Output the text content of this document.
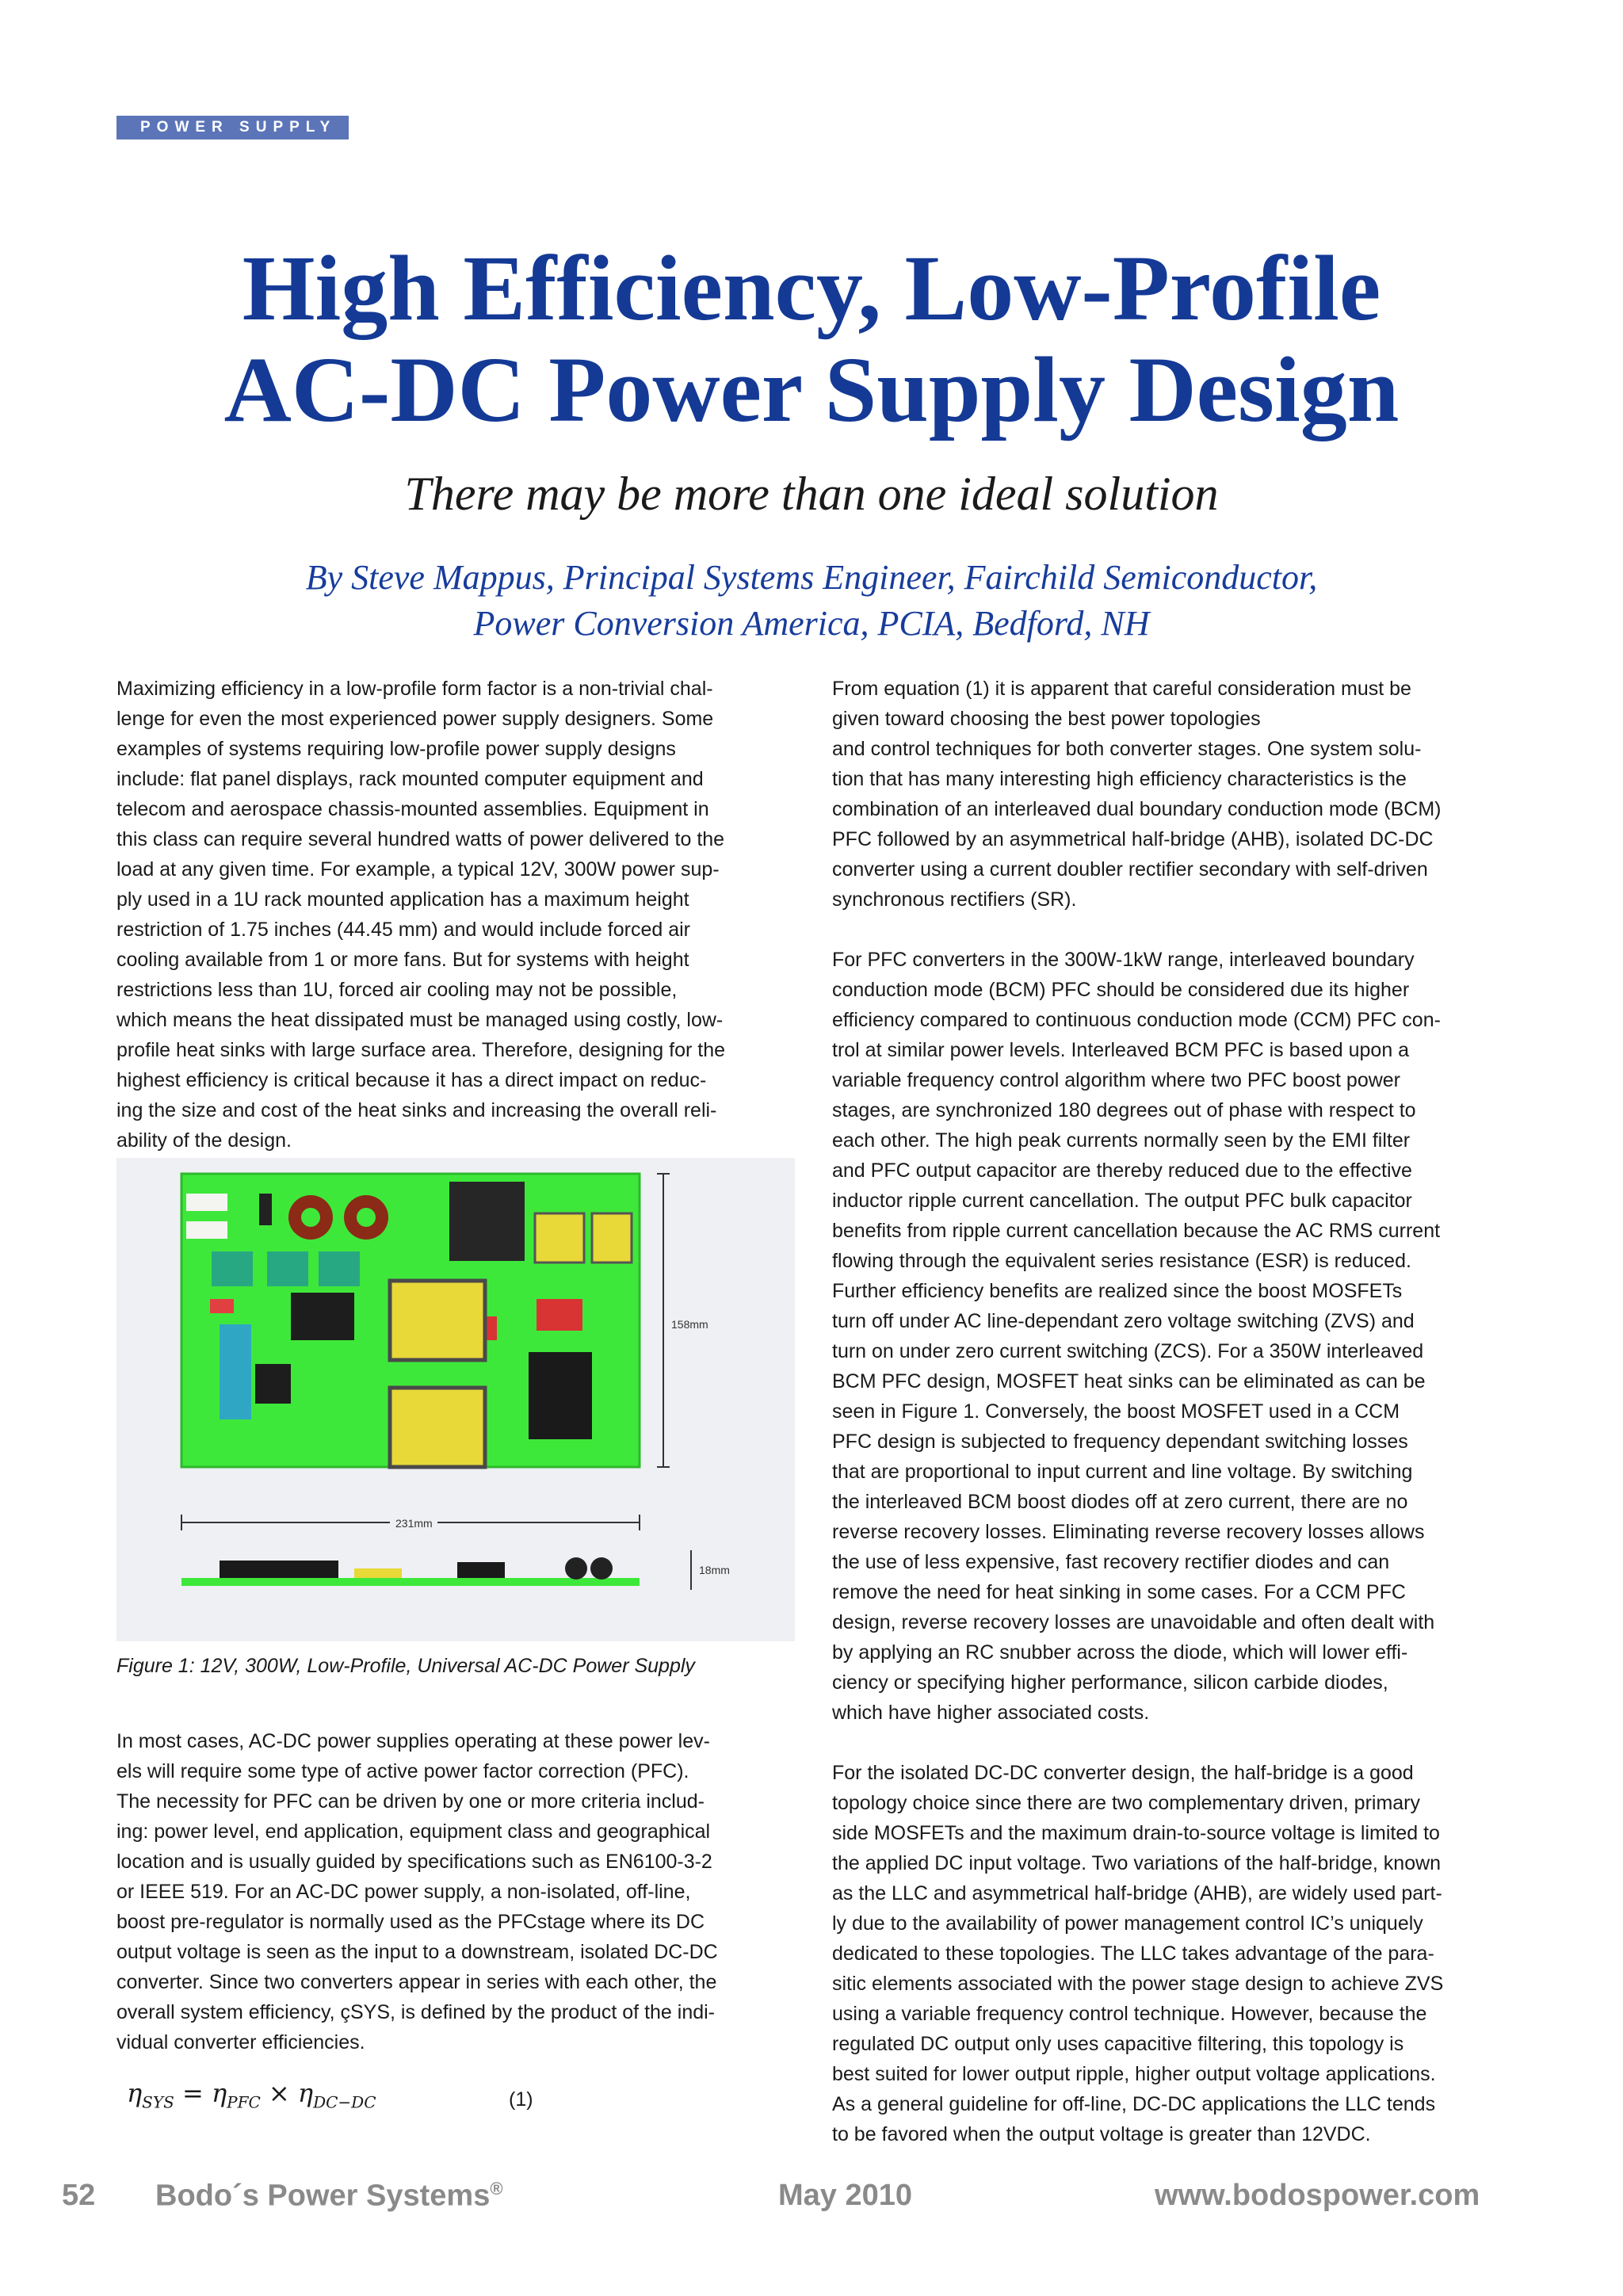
POWER SUPPLY
High Efficiency, Low-Profile
AC-DC Power Supply Design
There may be more than one ideal solution
By Steve Mappus, Principal Systems Engineer, Fairchild Semiconductor,
Power Conversion America, PCIA, Bedford, NH
Maximizing efficiency in a low-profile form factor is a non-trivial chal-
lenge for even the most experienced power supply designers. Some
examples of systems requiring low-profile power supply designs
include: flat panel displays, rack mounted computer equipment and
telecom and aerospace chassis-mounted assemblies. Equipment in
this class can require several hundred watts of power delivered to the
load at any given time. For example, a typical 12V, 300W power sup-
ply used in a 1U rack mounted application has a maximum height
restriction of 1.75 inches (44.45 mm) and would include forced air
cooling available from 1 or more fans. But for systems with height
restrictions less than 1U, forced air cooling may not be possible,
which means the heat dissipated must be managed using costly, low-
profile heat sinks with large surface area. Therefore, designing for the
highest efficiency is critical because it has a direct impact on reduc-
ing the size and cost of the heat sinks and increasing the overall reli-
ability of the design.
158mm
231mm
18mm
Figure 1: 12V, 300W, Low-Profile, Universal AC-DC Power Supply
In most cases, AC-DC power supplies operating at these power lev-
els will require some type of active power factor correction (PFC).
The necessity for PFC can be driven by one or more criteria includ-
ing: power level, end application, equipment class and geographical
location and is usually guided by specifications such as EN6100-3-2
or IEEE 519. For an AC-DC power supply, a non-isolated, off-line,
boost pre-regulator is normally used as the PFCstage where its DC
output voltage is seen as the input to a downstream, isolated DC-DC
converter. Since two converters appear in series with each other, the
overall system efficiency, çSYS, is defined by the product of the indi-
vidual converter efficiencies.
$\eta_{SYS} = \eta_{PFC} \times \eta_{DC-DC}$	(1)

From equation (1) it is apparent that careful consideration must be
given toward choosing the best power topologies
and control techniques for both converter stages. One system solu-
tion that has many interesting high efficiency characteristics is the
combination of an interleaved dual boundary conduction mode (BCM)
PFC followed by an asymmetrical half-bridge (AHB), isolated DC-DC
converter using a current doubler rectifier secondary with self-driven
synchronous rectifiers (SR).

For PFC converters in the 300W-1kW range, interleaved boundary
conduction mode (BCM) PFC should be considered due its higher
efficiency compared to continuous conduction mode (CCM) PFC con-
trol at similar power levels. Interleaved BCM PFC is based upon a
variable frequency control algorithm where two PFC boost power
stages, are synchronized 180 degrees out of phase with respect to
each other. The high peak currents normally seen by the EMI filter
and PFC output capacitor are thereby reduced due to the effective
inductor ripple current cancellation. The output PFC bulk capacitor
benefits from ripple current cancellation because the AC RMS current
flowing through the equivalent series resistance (ESR) is reduced.
Further efficiency benefits are realized since the boost MOSFETs
turn off under AC line-dependant zero voltage switching (ZVS) and
turn on under zero current switching (ZCS). For a 350W interleaved
BCM PFC design, MOSFET heat sinks can be eliminated as can be
seen in Figure 1. Conversely, the boost MOSFET used in a CCM
PFC design is subjected to frequency dependant switching losses
that are proportional to input current and line voltage. By switching
the interleaved BCM boost diodes off at zero current, there are no
reverse recovery losses. Eliminating reverse recovery losses allows
the use of less expensive, fast recovery rectifier diodes and can
remove the need for heat sinking in some cases. For a CCM PFC
design, reverse recovery losses are unavoidable and often dealt with
by applying an RC snubber across the diode, which will lower effi-
ciency or specifying higher performance, silicon carbide diodes,
which have higher associated costs.

For the isolated DC-DC converter design, the half-bridge is a good
topology choice since there are two complementary driven, primary
side MOSFETs and the maximum drain-to-source voltage is limited to
the applied DC input voltage. Two variations of the half-bridge, known
as the LLC and asymmetrical half-bridge (AHB), are widely used part-
ly due to the availability of power management control IC’s uniquely
dedicated to these topologies. The LLC takes advantage of the para-
sitic elements associated with the power stage design to achieve ZVS
using a variable frequency control technique. However, because the
regulated DC output only uses capacitive filtering, this topology is
best suited for lower output ripple, higher output voltage applications.
As a general guideline for off-line, DC-DC applications the LLC tends
to be favored when the output voltage is greater than 12VDC.

52 Bodo´s Power Systems®	May 2010	www.bodospower.com
